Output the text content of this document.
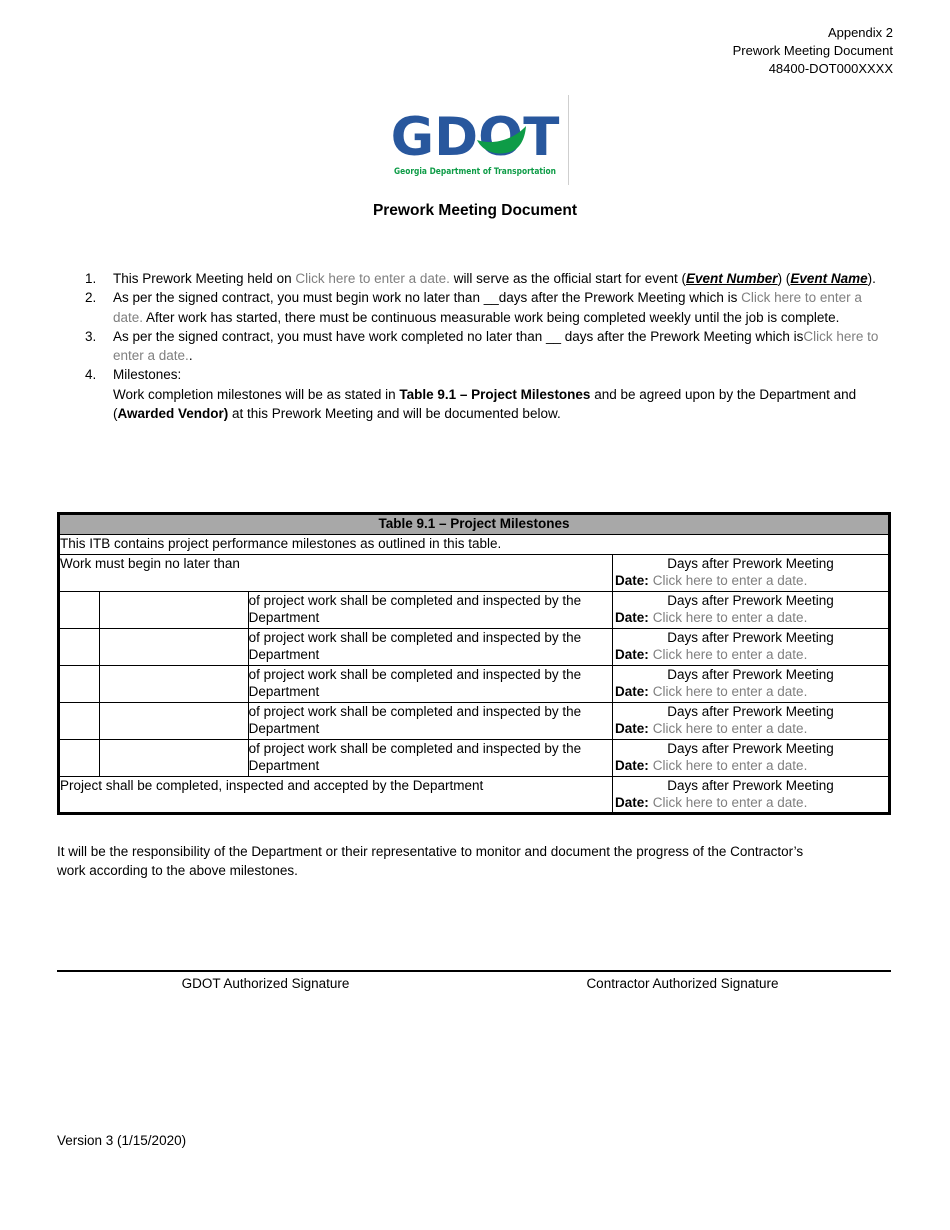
Appendix 2
Prework Meeting Document
48400-DOT000XXXX
GDOT
Georgia Department of Transportation
Prework Meeting Document
1.	This Prework Meeting held on Click here to enter a date. will serve as the official start for event (Event Number) (Event Name).
2.	As per the signed contract, you must begin work no later than __days after the Prework Meeting which is Click here to enter a date. After work has started, there must be continuous measurable work being completed weekly until the job is complete.
3.	As per the signed contract, you must have work completed no later than __ days after the Prework Meeting which isClick here to enter a date..
4.	Milestones:
Work completion milestones will be as stated in Table 9.1 – Project Milestones and be agreed upon by the Department and (Awarded Vendor) at this Prework Meeting and will be documented below.
Table 9.1 – Project Milestones			
This ITB contains project performance milestones as outlined in this table.			
Work must begin no later than			Days after Prework Meeting
Date: Click here to enter a date.

		of project work shall be completed and inspected by the Department	Days after Prework Meeting
Date: Click here to enter a date.

		of project work shall be completed and inspected by the Department	Days after Prework Meeting
Date: Click here to enter a date.

		of project work shall be completed and inspected by the Department	Days after Prework Meeting
Date: Click here to enter a date.

		of project work shall be completed and inspected by the Department	Days after Prework Meeting
Date: Click here to enter a date.

		of project work shall be completed and inspected by the Department	Days after Prework Meeting
Date: Click here to enter a date.

Project shall be completed, inspected and accepted by the Department			Days after Prework Meeting
Date: Click here to enter a date.
It will be the responsibility of the Department or their representative to monitor and document the progress of the Contractor’s work according to the above milestones.
GDOT Authorized Signature	Contractor Authorized Signature
Version 3 (1/15/2020)
